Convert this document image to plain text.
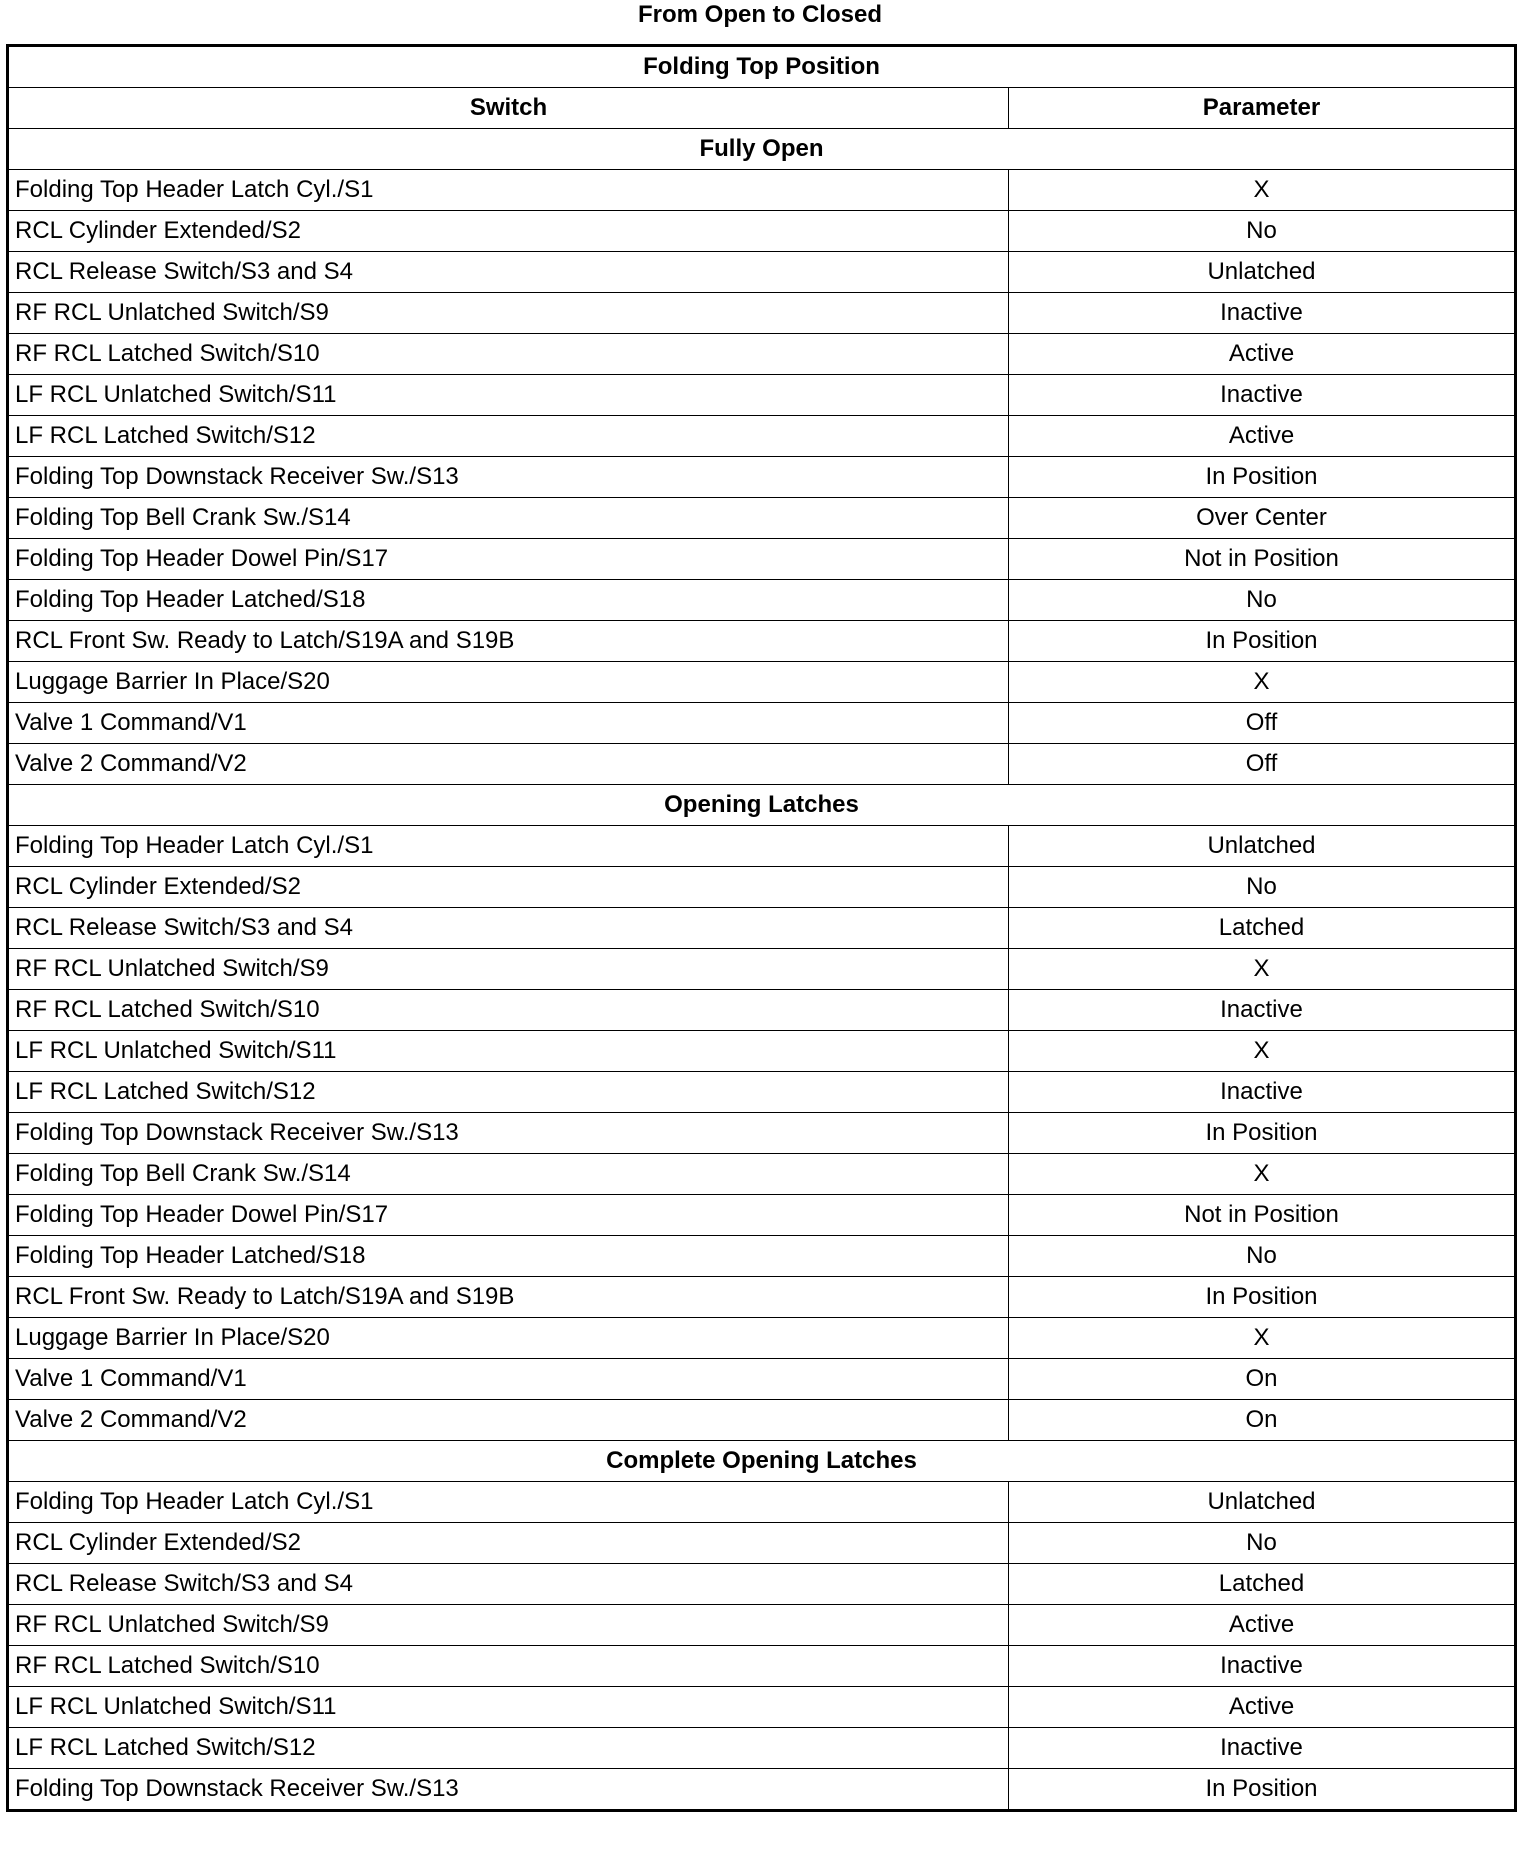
From Open to Closed
Folding Top Position	
Switch	Parameter
Fully Open	
Folding Top Header Latch Cyl./S1	X
RCL Cylinder Extended/S2	No
RCL Release Switch/S3 and S4	Unlatched
RF RCL Unlatched Switch/S9	Inactive
RF RCL Latched Switch/S10	Active
LF RCL Unlatched Switch/S11	Inactive
LF RCL Latched Switch/S12	Active
Folding Top Downstack Receiver Sw./S13	In Position
Folding Top Bell Crank Sw./S14	Over Center
Folding Top Header Dowel Pin/S17	Not in Position
Folding Top Header Latched/S18	No
RCL Front Sw. Ready to Latch/S19A and S19B	In Position
Luggage Barrier In Place/S20	X
Valve 1 Command/V1	Off
Valve 2 Command/V2	Off
Opening Latches	
Folding Top Header Latch Cyl./S1	Unlatched
RCL Cylinder Extended/S2	No
RCL Release Switch/S3 and S4	Latched
RF RCL Unlatched Switch/S9	X
RF RCL Latched Switch/S10	Inactive
LF RCL Unlatched Switch/S11	X
LF RCL Latched Switch/S12	Inactive
Folding Top Downstack Receiver Sw./S13	In Position
Folding Top Bell Crank Sw./S14	X
Folding Top Header Dowel Pin/S17	Not in Position
Folding Top Header Latched/S18	No
RCL Front Sw. Ready to Latch/S19A and S19B	In Position
Luggage Barrier In Place/S20	X
Valve 1 Command/V1	On
Valve 2 Command/V2	On
Complete Opening Latches	
Folding Top Header Latch Cyl./S1	Unlatched
RCL Cylinder Extended/S2	No
RCL Release Switch/S3 and S4	Latched
RF RCL Unlatched Switch/S9	Active
RF RCL Latched Switch/S10	Inactive
LF RCL Unlatched Switch/S11	Active
LF RCL Latched Switch/S12	Inactive
Folding Top Downstack Receiver Sw./S13	In Position
